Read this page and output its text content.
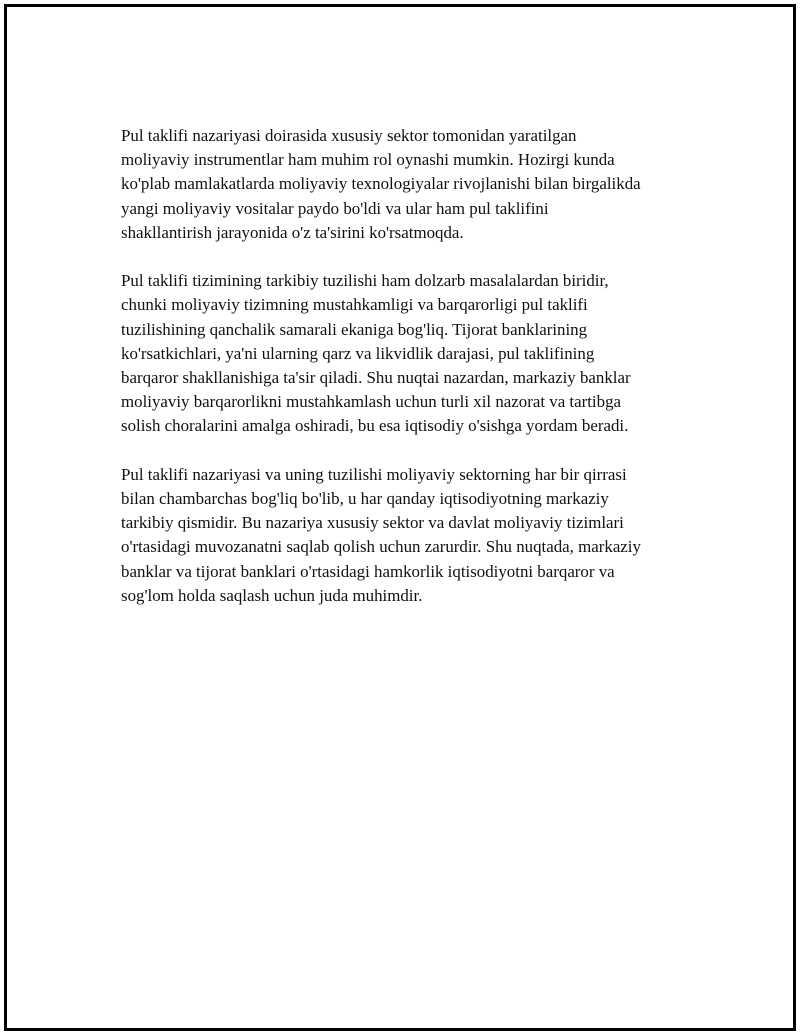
Pul taklifi nazariyasi doirasida xususiy sektor tomonidan yaratilgan
moliyaviy instrumentlar ham muhim rol oynashi mumkin. Hozirgi kunda
ko'plab mamlakatlarda moliyaviy texnologiyalar rivojlanishi bilan birgalikda
yangi moliyaviy vositalar paydo bo'ldi va ular ham pul taklifini
shakllantirish jarayonida o'z ta'sirini ko'rsatmoqda.

Pul taklifi tizimining tarkibiy tuzilishi ham dolzarb masalalardan biridir,
chunki moliyaviy tizimning mustahkamligi va barqarorligi pul taklifi
tuzilishining qanchalik samarali ekaniga bog'liq. Tijorat banklarining
ko'rsatkichlari, ya'ni ularning qarz va likvidlik darajasi, pul taklifining
barqaror shakllanishiga ta'sir qiladi. Shu nuqtai nazardan, markaziy banklar
moliyaviy barqarorlikni mustahkamlash uchun turli xil nazorat va tartibga
solish choralarini amalga oshiradi, bu esa iqtisodiy o'sishga yordam beradi.

Pul taklifi nazariyasi va uning tuzilishi moliyaviy sektorning har bir qirrasi
bilan chambarchas bog'liq bo'lib, u har qanday iqtisodiyotning markaziy
tarkibiy qismidir. Bu nazariya xususiy sektor va davlat moliyaviy tizimlari
o'rtasidagi muvozanatni saqlab qolish uchun zarurdir. Shu nuqtada, markaziy
banklar va tijorat banklari o'rtasidagi hamkorlik iqtisodiyotni barqaror va
sog'lom holda saqlash uchun juda muhimdir.
